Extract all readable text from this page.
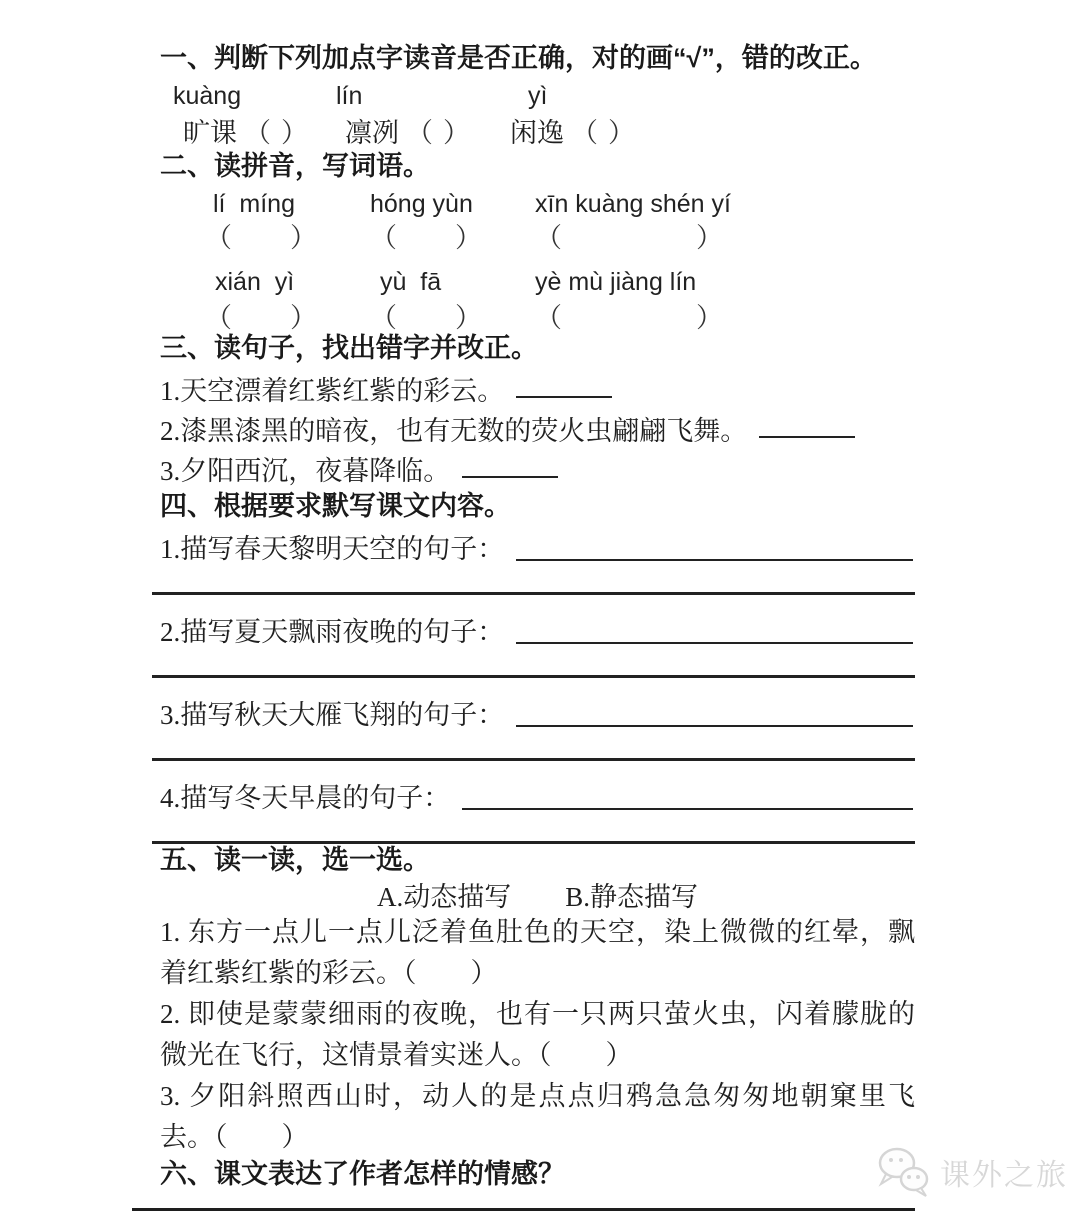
一、判断下列加点字读音是否正确，对的画“√”，错的改正。
kuàng	lín	yì
旷课 （ ） 凛冽 （ ） 闲逸 （ ）
二、读拼音，写词语。
lí  míng	hóng yùn	xīn kuàng shén yí
（ ） （ ） （	）
xián  yì	yù  fā	yè mù jiàng lín
（ ） （ ） （	）
三、读句子，找出错字并改正。
1.天空漂着红紫红紫的彩云。
2.漆黑漆黑的暗夜，也有无数的荧火虫翩翩飞舞。
3.夕阳西沉，夜暮降临。
四、根据要求默写课文内容。
1.描写春天黎明天空的句子：
2.描写夏天飘雨夜晚的句子：
3.描写秋天大雁飞翔的句子：
4.描写冬天早晨的句子：
五、读一读，选一选。
A.动态描写　　B.静态描写

1. 东方一点儿一点儿泛着鱼肚色的天空，染上微微的红晕，飘着红紫红紫的彩云。（　　）

2. 即使是蒙蒙细雨的夜晚，也有一只两只萤火虫，闪着朦胧的微光在飞行，这情景着实迷人。（　　）

3. 夕阳斜照西山时，动人的是点点归鸦急急匆匆地朝窠里飞去。（　　）

六、课文表达了作者怎样的情感？	课外之旅
